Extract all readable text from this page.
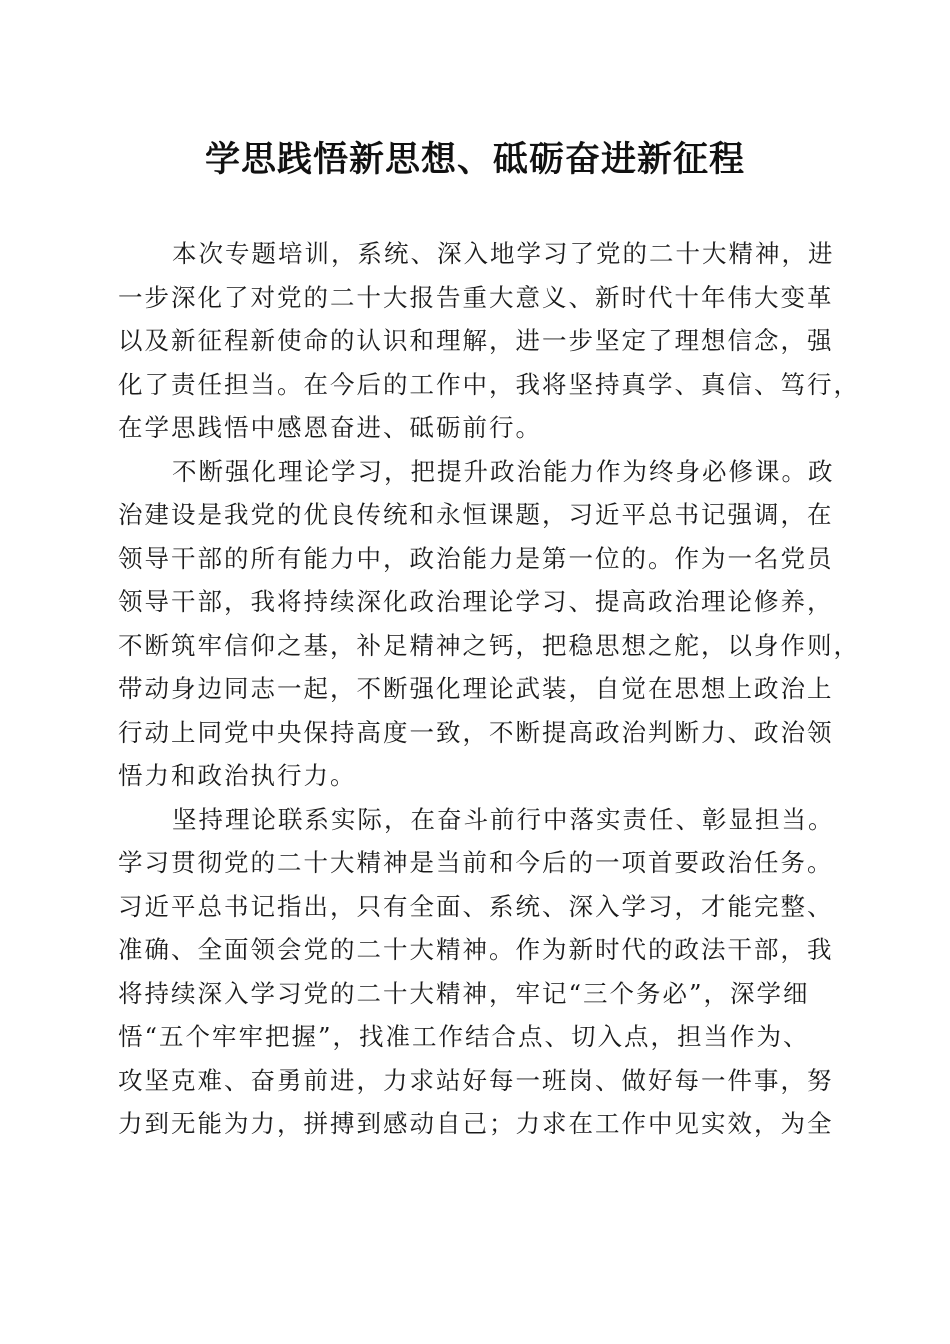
学思践悟新思想、砥砺奋进新征程
本次专题培训，系统、深入地学习了党的二十大精神，进
一步深化了对党的二十大报告重大意义、新时代十年伟大变革
以及新征程新使命的认识和理解，进一步坚定了理想信念，强
化了责任担当。在今后的工作中，我将坚持真学、真信、笃行，
在学思践悟中感恩奋进、砥砺前行。
不断强化理论学习，把提升政治能力作为终身必修课。政
治建设是我党的优良传统和永恒课题，习近平总书记强调，在
领导干部的所有能力中，政治能力是第一位的。作为一名党员
领导干部，我将持续深化政治理论学习、提高政治理论修养，
不断筑牢信仰之基，补足精神之钙，把稳思想之舵，以身作则，
带动身边同志一起，不断强化理论武装，自觉在思想上政治上
行动上同党中央保持高度一致，不断提高政治判断力、政治领
悟力和政治执行力。
坚持理论联系实际，在奋斗前行中落实责任、彰显担当。
学习贯彻党的二十大精神是当前和今后的一项首要政治任务。
习近平总书记指出，只有全面、系统、深入学习，才能完整、
准确、全面领会党的二十大精神。作为新时代的政法干部，我
将持续深入学习党的二十大精神，牢记“三个务必”，深学细
悟“五个牢牢把握”，找准工作结合点、切入点，担当作为、
攻坚克难、奋勇前进，力求站好每一班岗、做好每一件事，努
力到无能为力，拼搏到感动自己；力求在工作中见实效，为全
